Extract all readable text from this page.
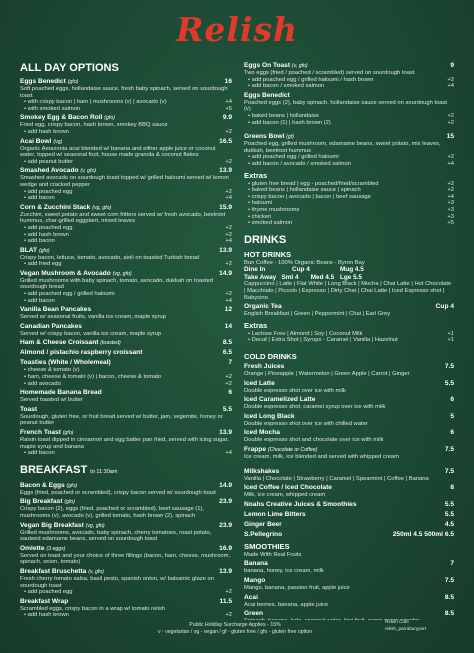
Relish
ALL DAY OPTIONS
Eggs Benedict (gfo)	16
Soft poached eggs, hollandaise sauce, fresh baby spinach, served on sourdough toast
• with crispy bacon | ham | mushrooms (v) | avocado (v)	+4
• with smoked salmon	+5
Smokey Egg & Bacon Roll (gfo)	9.9
Fried egg, crispy bacon, hash brown, smokey BBQ sauce
• add hash brown	+2
Acai Bowl (vg)	16.5
Organic Amazonia acai blended w/ banana and either apple juice or coconut water, topped w/ seasonal fruit, house made granola & coconut flakes
• add peanut butter	+2
Smashed Avocado (v, gfo)	13.9
Smashed avocado on sourdough toast topped w/ grilled haloumi served w/ lemon wedge and cracked pepper
• add poached egg	+2
• add bacon	+4
Corn & Zucchini Stack (vg, gfo)	15.9
Zucchini, sweet potato and sweet corn fritters served w/ fresh avocado, beetroot hummus, char-grilled eggplant, mixed leaves
• add poached egg	+2
• add hash brown	+2
• add bacon	+4
BLAT (gfo)	13.9
Crispy bacon, lettuce, tomato, avocado, aioli on toasted Turkish bread
• add fried egg	+2
Vegan Mushroom & Avocado (vg, gfo)	14.9
Grilled mushrooms with baby spinach, tomato, avocado, dukkah on toasted sourdough bread
• add poached egg / grilled haloumi	+2
• add bacon	+4
Vanilla Bean Pancakes	12
Served w/ seasonal fruits, vanilla ice cream, maple syrup
Canadian Pancakes	14
Served w/ crispy bacon, vanilla ice cream, maple syrup
Ham & Cheese Croissant (toasted)	8.5
Almond / pistachio raspberry croissant	6.5
Toasties (White / Wholemeal)	7
• cheese & tomato (v)
• ham, cheese & tomato (v) | bacon, cheese & tomato	+2
• add avocado	+2
Homemade Banana Bread	6
Served toasted w/ butter
Toast	5.5
Sourdough, gluten free, or fruit bread served w/ butter, jam, vegemite, honey or peanut butter
French Toast (gfo)	13.9
Raisin toast dipped in cinnamon and egg batter pan fried, served with icing sugar, maple syrup and banana
• add bacon	+4
BREAKFAST to 11:30am
Bacon & Eggs (gfo)	14.9
Eggs (fried, poached or scrambled), crispy bacon served w/ sourdough toast
Big Breakfast (gfo)	23.9
Crispy bacon (2), eggs (fried, poached or scrambled), beef sausage (1), mushrooms (v), avocado (v), grilled tomato, hash brown (2), spinach
Vegan Big Breakfast (vg, gfo)	23.9
Grilled mushrooms, avocado, baby spinach, cherry tomatoes, roast potato, sauteed edamame beans, served on sourdough toast
Omlette (3 eggs)	16.9
Served on toast and your choice of three fillings (bacon, ham, cheese, mushroom, spinach, onion, tomato)
Breakfast Bruschetta (v, gfo)	13.9
Fresh cherry tomato salsa, basil pesto, spanish onion, w/ balsamic glaze on sourdough toast
• add poached egg	+2
Breakfast Wrap	11.5
Scrambled eggs, crispy bacon in a wrap w/ tomato relish
• add hash brown	+2
Eggs On Toast (v, gfo)	9
Two eggs (fried / poached / scrambled) served on sourdough toast
• add poached egg / grilled haloumi / hash brown	+2
• add bacon / smoked salmon	+4
Eggs Benedict
Poached eggs (2), baby spinach, hollandaise sauce served on sourdough toast (v)
• baked beans | hollandaise	+2
• add bacon (1) | hash brown (2)	+2
Greens Bowl (gf)	15
Poached egg, grilled mushroom, edamame beans, sweet potato, mix leaves, dukkah, beetroot hummus
• add poached egg / grilled haloumi	+2
• add bacon / avocado / smoked salmon	+4
Extras
• gluten free bread | egg - poached/fried/scrambled	+2
• baked beans | hollandaise sauce | spinach	+2
• crispy bacon | avocado | bacon | beef sausage	+4
• haloumi	+3
• thyme mushrooms	+3
• chicken	+3
• smoked salmon	+5
DRINKS
HOT DRINKS
Bun Coffee - 100% Organic Beans - Byron Bay
Dine In	Cup 4	Mug 4.5
Take Away Sml 4	Med 4.5 Lge 5.5
Cappuccino | Latte | Flat White | Long Black | Mocha | Chai Latte | Hot Chocolate | Macchiato | Piccolo | Espresso | Dirty Chai | Chai Latte | Iced Espresso shot | Babycino
Organic Tea	Cup 4
English Breakfast | Green | Peppermint | Chai | Earl Grey
Extras
• Lactose Free | Almond | Soy | Coconut Milk	+1
• Decaf | Extra Shot | Syrups - Caramel | Vanilla | Hazelnut	+1
COLD DRINKS
Fresh Juices	7.5
Orange | Pineapple | Watermelon | Green Apple | Carrot | Ginger
Iced Latte	5.5
Double espresso shot over ice with milk
Iced Caramelized Latte	6
Double espresso shot, caramel syrup over ice with milk
Iced Long Black	5
Double espresso shot over ice with chilled water
Iced Mocha	6
Double espresso shot and chocolate over ice with milk
Frappe (Chocolate or Coffee)	7.5
Ice cream, milk, ice blended and served with whipped cream
Milkshakes	7.5
Vanilla | Chocolate | Strawberry | Caramel | Spearmint | Coffee | Banana
Iced Coffee / Iced Chocolate	8
Milk, ice cream, whipped cream
Noahs Creative Juices & Smoothies	5.5
Lemon Lime Bitters	5.5
Ginger Beer	4.5
S.Pellegrino	250ml 4.5 500ml 6.5
SMOOTHIES
Made With Real Fruits
Banana	7
banana, honey, ice cream, milk
Mango	7.5
Mango, banana, passion fruit, apple juice
Acai	8.5
Acai berries, banana, apple juice
Green	8.5
Public Holiday Surcharge Applies - 15%
v - vegetarian / vg - vegan / gf - gluten free / gfo - gluten free option
Relish Cafe
relish_parraburyport
